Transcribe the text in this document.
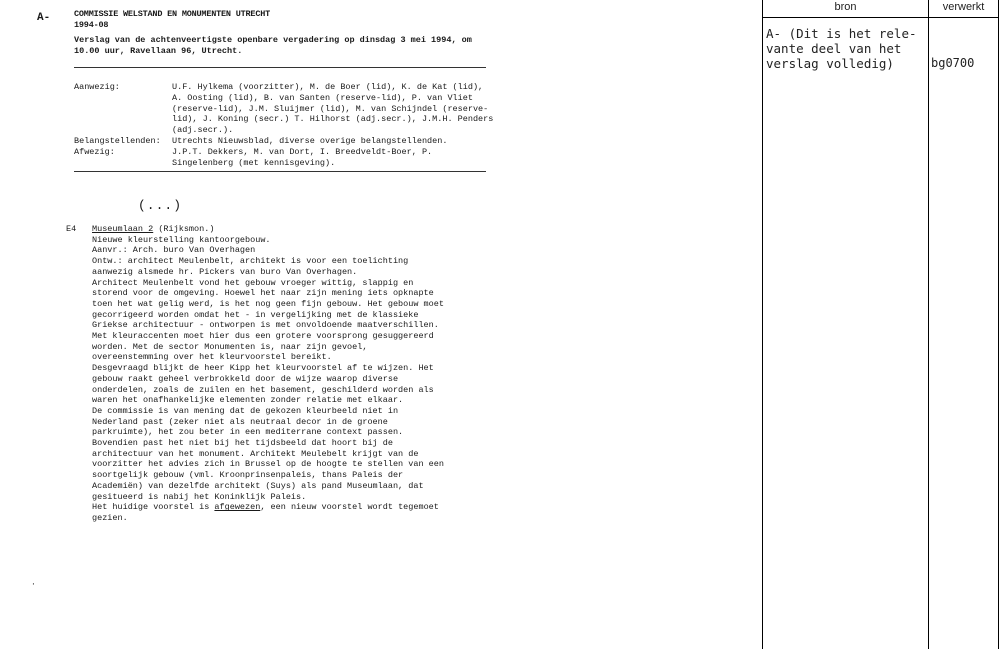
A-	COMMISSIE WELSTAND EN MONUMENTEN UTRECHT
1994-08
Verslag van de achtenveertigste openbare vergadering op dinsdag 3 mei 1994, om 10.00 uur, Ravellaan 96, Utrecht.
Aanwezig:	U.F. Hylkema (voorzitter), M. de Boer (lid), K. de Kat (lid), A. Oosting (lid), B. van Santen (reserve-lid), P. van Vliet (reserve-lid), J.M. Sluijmer (lid), M. van Schijndel (reserve-lid), J. Koning (secr.) T. Hilhorst (adj.secr.), J.M.H. Penders (adj.secr.).
Belangstellenden:	Utrechts Nieuwsblad, diverse overige belangstellenden.
Afwezig:	J.P.T. Dekkers, M. van Dort, I. Breedveldt-Boer, P. Singelenberg (met kennisgeving).
(...)
E4 Museumlaan 2 (Rijksmon.)
Nieuwe kleurstelling kantoorgebouw.
Aanvr.: Arch. buro Van Overhagen
Ontw.: architect Meulenbelt, architekt is voor een toelichting
aanwezig alsmede hr. Pickers van buro Van Overhagen.
Architect Meulenbelt vond het gebouw vroeger wittig, slappig en
storend voor de omgeving. Hoewel het naar zijn mening iets opknapte
toen het wat gelig werd, is het nog geen fijn gebouw. Het gebouw moet
gecorrigeerd worden omdat het - in vergelijking met de klassieke
Griekse architectuur - ontworpen is met onvoldoende maatverschillen.
Met kleuraccenten moet hier dus een grotere voorsprong gesuggereerd
worden. Met de sector Monumenten is, naar zijn gevoel,
overeenstemming over het kleurvoorstel bereikt.
Desgevraagd blijkt de heer Kipp het kleurvoorstel af te wijzen. Het
gebouw raakt geheel verbrokkeld door de wijze waarop diverse
onderdelen, zoals de zuilen en het basement, geschilderd worden als
waren het onafhankelijke elementen zonder relatie met elkaar.
De commissie is van mening dat de gekozen kleurbeeld niet in
Nederland past (zeker niet als neutraal decor in de groene
parkruimte), het zou beter in een mediterrane context passen.
Bovendien past het niet bij het tijdsbeeld dat hoort bij de
architectuur van het monument. Architekt Meulebelt krijgt van de
voorzitter het advies zich in Brussel op de hoogte te stellen van een
soortgelijk gebouw (vml. Kroonprinsenpaleis, thans Paleis der
Academiën) van dezelfde architekt (Suys) als pand Museumlaan, dat
gesitueerd is nabij het Koninklijk Paleis.
Het huidige voorstel is afgewezen, een nieuw voorstel wordt tegemoet
gezien.
·
bron	verwerkt
A- (Dit is het rele-
vante deel van het
verslag volledig)	bg0700
